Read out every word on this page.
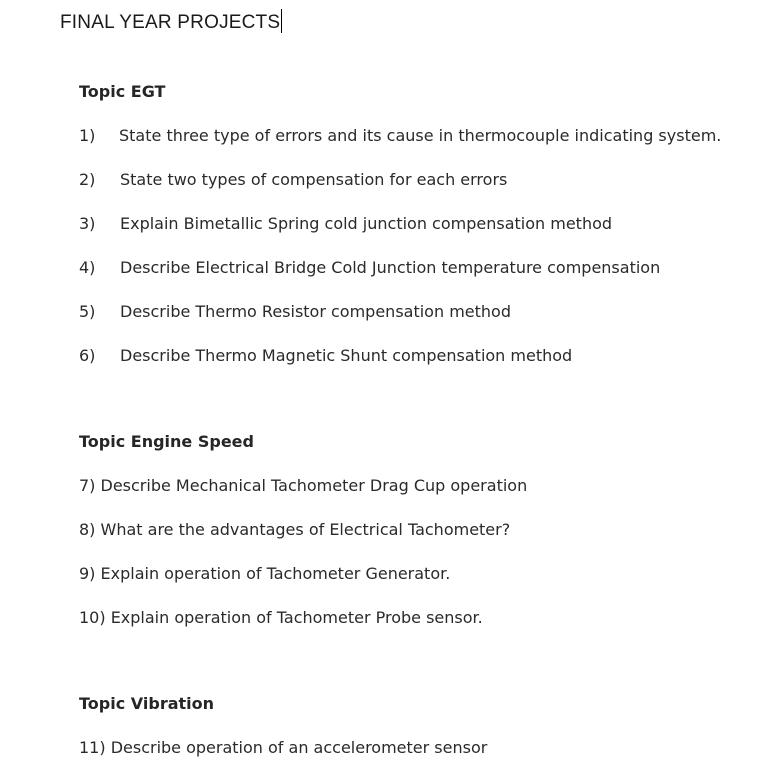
FINAL YEAR PROJECTS
Topic EGT
1)	State three type of errors and its cause in thermocouple indicating system.
2)	State two types of compensation for each errors
3)	Explain Bimetallic Spring cold junction compensation method
4)	Describe Electrical Bridge Cold Junction temperature compensation
5)	Describe Thermo Resistor compensation method
6)	Describe Thermo Magnetic Shunt compensation method
Topic Engine Speed
7) Describe Mechanical Tachometer Drag Cup operation
8) What are the advantages of Electrical Tachometer?
9) Explain operation of Tachometer Generator.
10) Explain operation of Tachometer Probe sensor.
Topic Vibration
11) Describe operation of an accelerometer sensor
